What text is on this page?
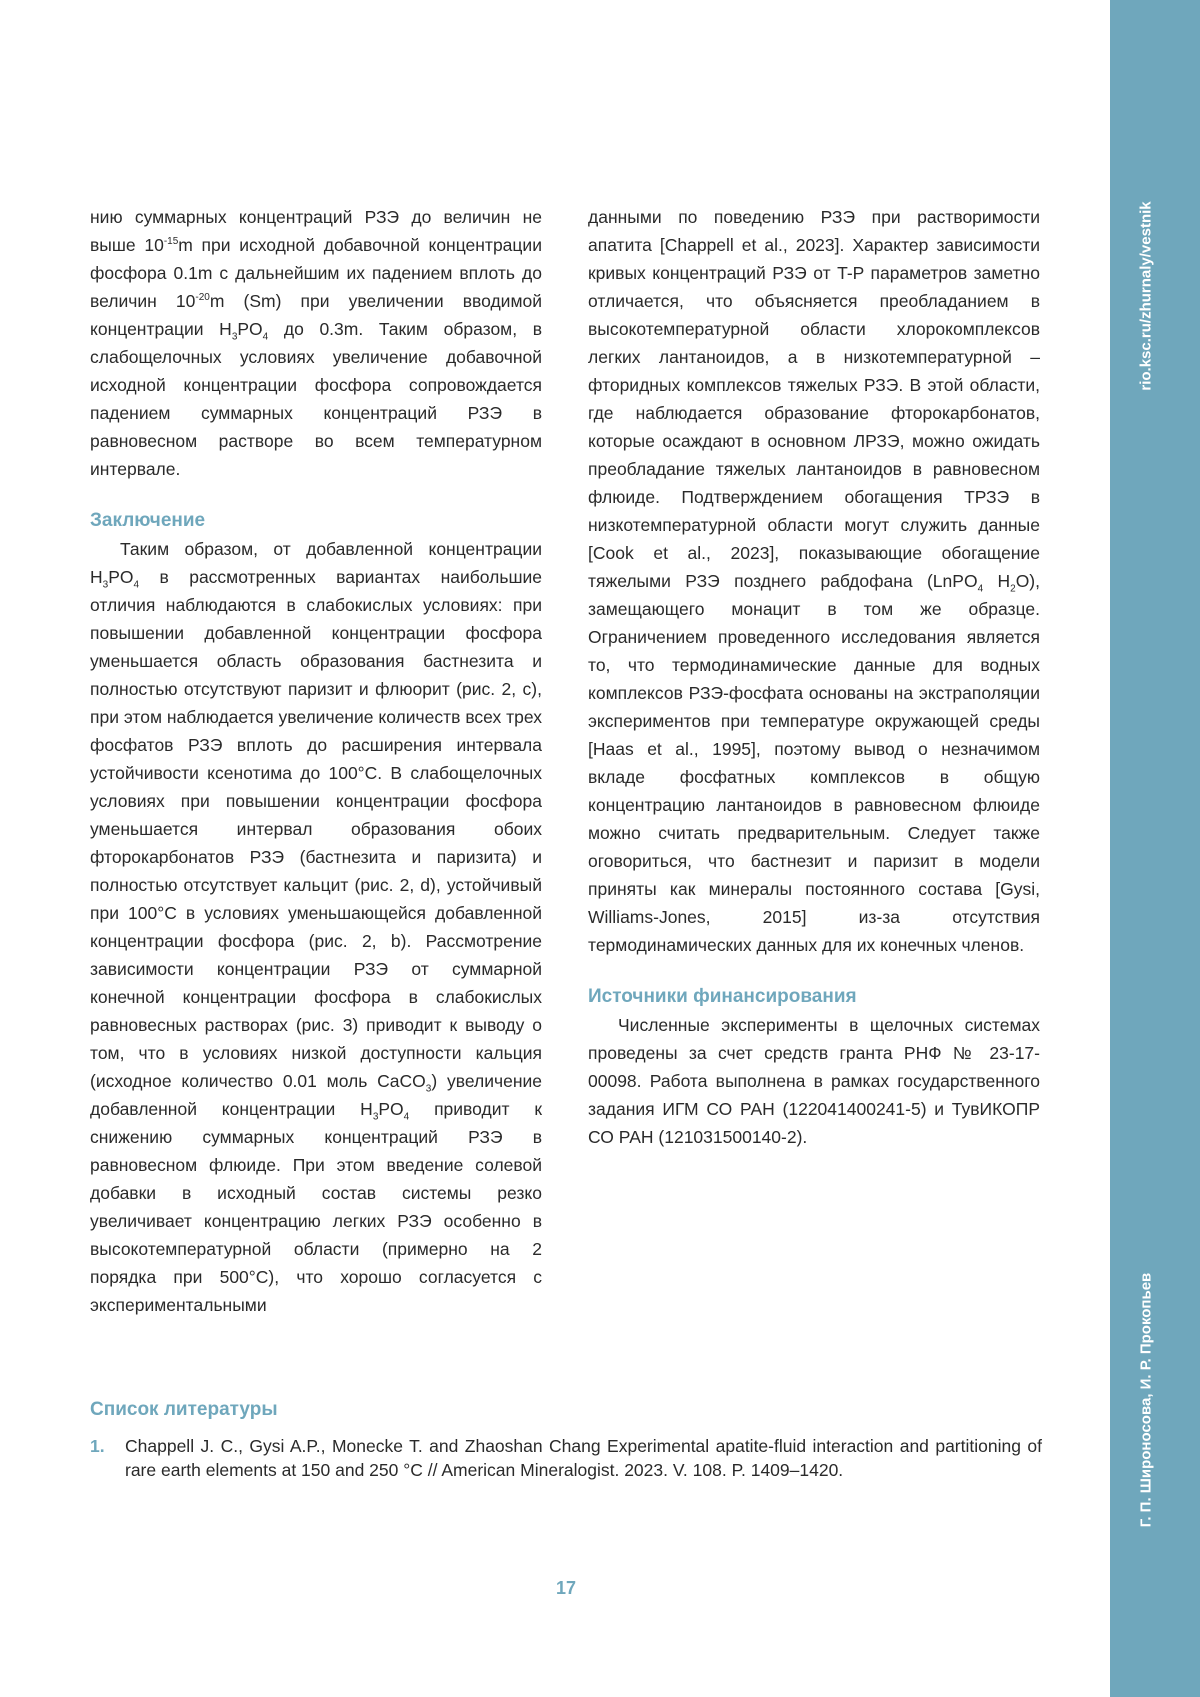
rio.ksc.ru/zhurnaly/vestnik
Г. П. Широносова, И. Р. Прокопьев

нию суммарных концентраций РЗЭ до величин не выше 10-15m при исходной добавочной концентрации фосфора 0.1m с дальнейшим их падением вплоть до величин 10-20m (Sm) при увеличении вводимой концентрации H3PO4 до 0.3m. Таким образом, в слабощелочных условиях увеличение добавочной исходной концентрации фосфора сопровождается падением суммарных концентраций РЗЭ в равновесном растворе во всем температурном интервале.

Заключение

Таким образом, от добавленной концентрации H3PO4 в рассмотренных вариантах наибольшие отличия наблюдаются в слабокислых условиях: при повышении добавленной концентрации фосфора уменьшается область образования бастнезита и полностью отсутствуют паризит и флюорит (рис. 2, c), при этом наблюдается увеличение количеств всех трех фосфатов РЗЭ вплоть до расширения интервала устойчивости ксенотима до 100°C. В слабощелочных условиях при повышении концентрации фосфора уменьшается интервал образования обоих фторокарбонатов РЗЭ (бастнезита и паризита) и полностью отсутствует кальцит (рис. 2, d), устойчивый при 100°C в условиях уменьшающейся добавленной концентрации фосфора (рис. 2, b). Рассмотрение зависимости концентрации РЗЭ от суммарной конечной концентрации фосфора в слабокислых равновесных растворах (рис. 3) приводит к выводу о том, что в условиях низкой доступности кальция (исходное количество 0.01 моль CaCO3) увеличение добавленной концентрации H3PO4 приводит к снижению суммарных концентраций РЗЭ в равновесном флюиде. При этом введение солевой добавки в исходный состав системы резко увеличивает концентрацию легких РЗЭ особенно в высокотемпературной области (примерно на 2 порядка при 500°C), что хорошо согласуется с экспериментальными

данными по поведению РЗЭ при растворимости апатита [Chappell et al., 2023]. Характер зависимости кривых концентраций РЗЭ от T-P параметров заметно отличается, что объясняется преобладанием в высокотемпературной области хлорокомплексов легких лантаноидов, а в низкотемпературной – фторидных комплексов тяжелых РЗЭ. В этой области, где наблюдается образование фторокарбонатов, которые осаждают в основном ЛРЗЭ, можно ожидать преобладание тяжелых лантаноидов в равновесном флюиде. Подтверждением обогащения ТРЗЭ в низкотемпературной области могут служить данные [Cook et al., 2023], показывающие обогащение тяжелыми РЗЭ позднего рабдофана (LnPO4 H2O), замещающего монацит в том же образце. Ограничением проведенного исследования является то, что термодинамические данные для водных комплексов РЗЭ-фосфата основаны на экстраполяции экспериментов при температуре окружающей среды [Haas et al., 1995], поэтому вывод о незначимом вкладе фосфатных комплексов в общую концентрацию лантаноидов в равновесном флюиде можно считать предварительным. Следует также оговориться, что бастнезит и паризит в модели приняты как минералы постоянного состава [Gysi, Williams-Jones, 2015] из-за отсутствия термодинамических данных для их конечных членов.

Источники финансирования

Численные эксперименты в щелочных системах проведены за счет средств гранта РНФ № 23-17-00098. Работа выполнена в рамках государственного задания ИГМ СО РАН (122041400241-5) и ТувИКОПР СО РАН (121031500140-2).

Список литературы
1.	Chappell J. C., Gysi A.P., Monecke T. and Zhaoshan Chang Experimental apatite-fluid interaction and partitioning of rare earth elements at 150 and 250 °C // American Mineralogist. 2023. V. 108. P. 1409–1420.
17
